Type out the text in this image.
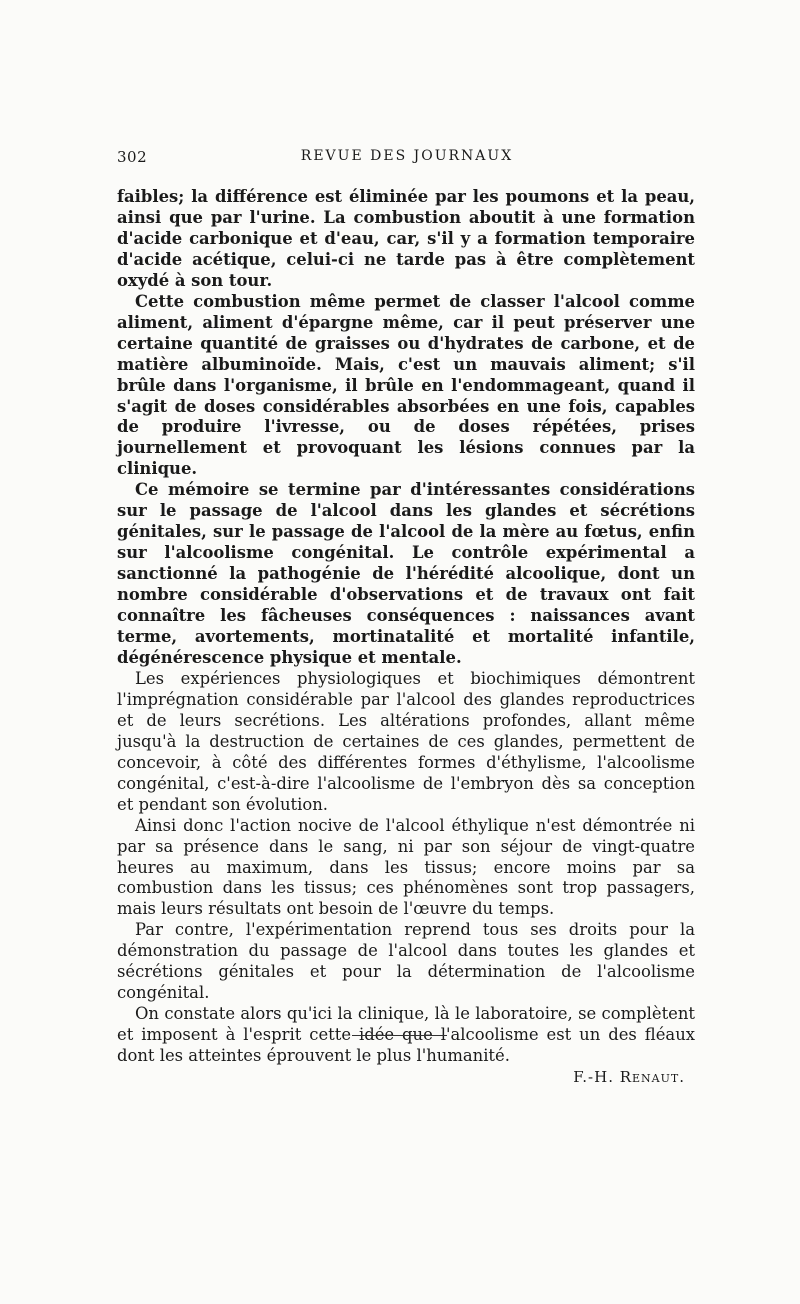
302	REVUE DES JOURNAUX

faibles; la différence est éliminée par les poumons et la peau, ainsi que par l'urine. La combustion aboutit à une formation d'acide carbonique et d'eau, car, s'il y a formation temporaire d'acide acétique, celui-ci ne tarde pas à être complètement oxydé à son tour.

Cette combustion même permet de classer l'alcool comme aliment, aliment d'épargne même, car il peut préserver une certaine quantité de graisses ou d'hydrates de carbone, et de matière albuminoïde. Mais, c'est un mauvais aliment; s'il brûle dans l'organisme, il brûle en l'endommageant, quand il s'agit de doses considérables absorbées en une fois, capables de produire l'ivresse, ou de doses répétées, prises journellement et provoquant les lésions connues par la clinique.

Ce mémoire se termine par d'intéressantes considérations sur le passage de l'alcool dans les glandes et sécrétions génitales, sur le passage de l'alcool de la mère au fœtus, enfin sur l'alcoolisme congénital. Le contrôle expérimental a sanctionné la pathogénie de l'hérédité alcoolique, dont un nombre considérable d'observations et de travaux ont fait connaître les fâcheuses conséquences : naissances avant terme, avortements, mortinatalité et mortalité infantile, dégénérescence physique et mentale.

Les expériences physiologiques et biochimiques démontrent l'imprégnation considérable par l'alcool des glandes reproductrices et de leurs secrétions. Les altérations profondes, allant même jusqu'à la destruction de certaines de ces glandes, permettent de concevoir, à côté des différentes formes d'éthylisme, l'alcoolisme congénital, c'est-à-dire l'alcoolisme de l'embryon dès sa conception et pendant son évolution.

Ainsi donc l'action nocive de l'alcool éthylique n'est démontrée ni par sa présence dans le sang, ni par son séjour de vingt-quatre heures au maximum, dans les tissus; encore moins par sa combustion dans les tissus; ces phénomènes sont trop passagers, mais leurs résultats ont besoin de l'œuvre du temps.

Par contre, l'expérimentation reprend tous ses droits pour la démonstration du passage de l'alcool dans toutes les glandes et sécrétions génitales et pour la détermination de l'alcoolisme congénital.

On constate alors qu'ici la clinique, là le laboratoire, se complètent et imposent à l'esprit cette idée que l'alcoolisme est un des fléaux dont les atteintes éprouvent le plus l'humanité.

F.-H. Renaut.
